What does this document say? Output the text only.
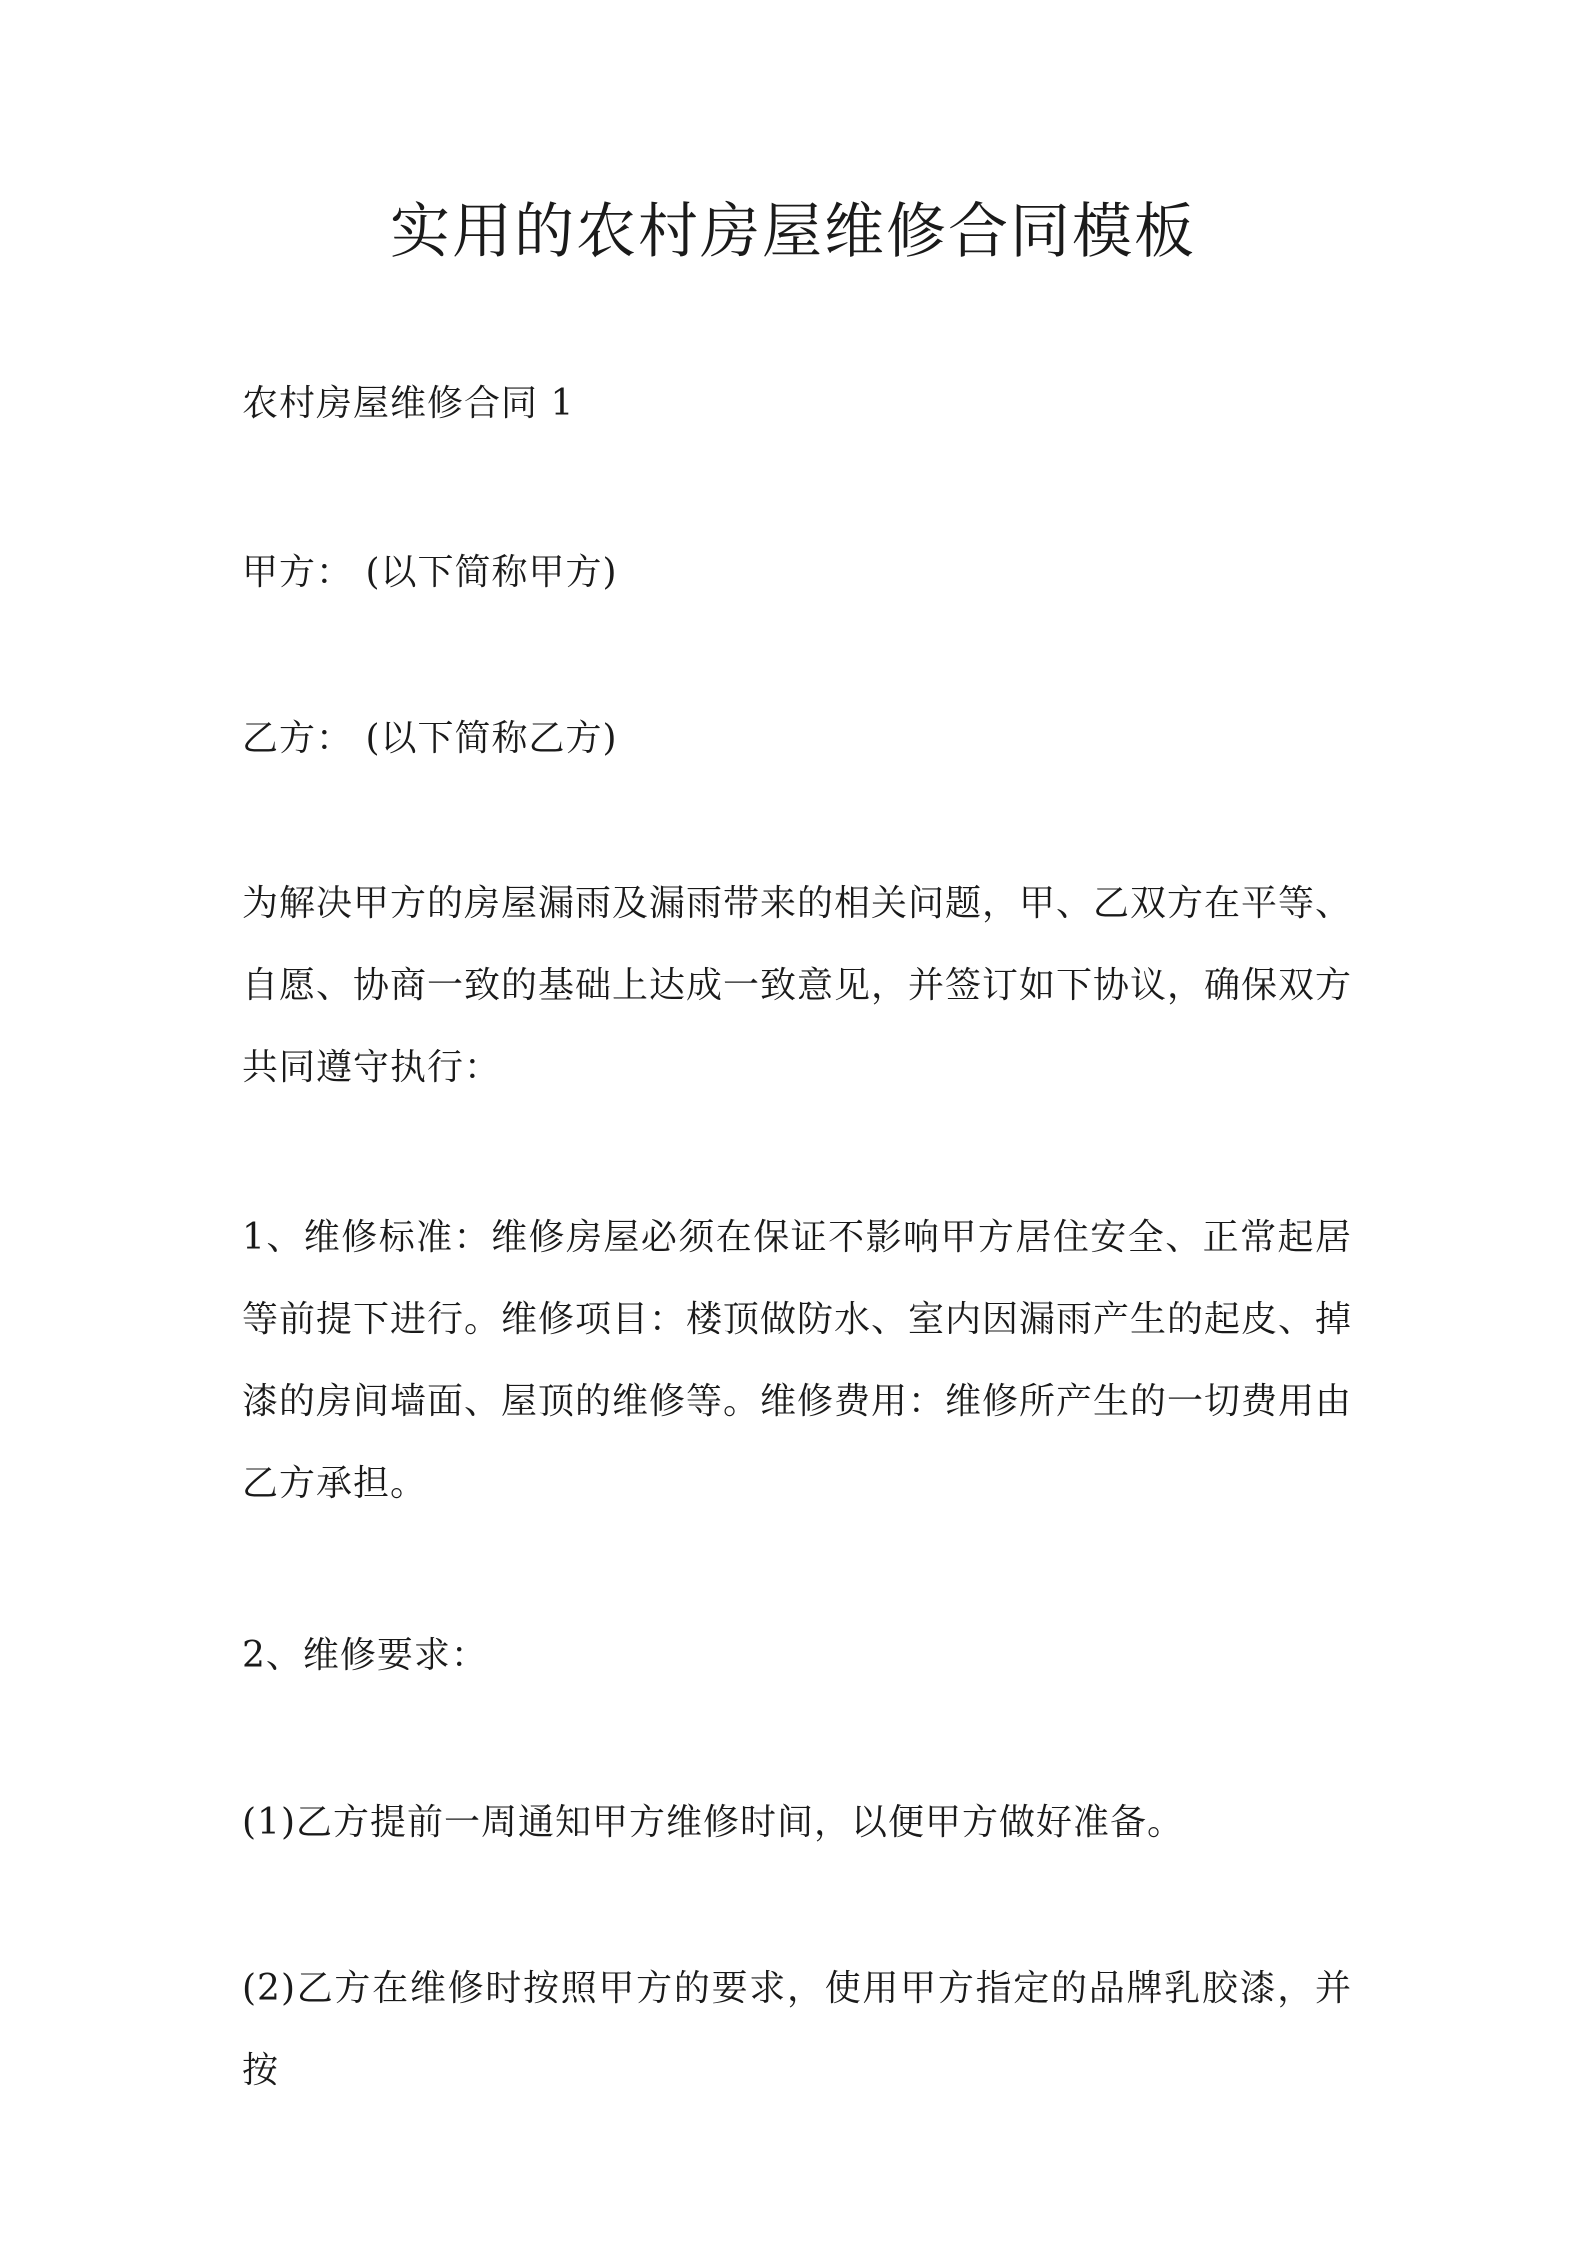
实用的农村房屋维修合同模板

农村房屋维修合同 1

甲方： (以下简称甲方)

乙方： (以下简称乙方)

为解决甲方的房屋漏雨及漏雨带来的相关问题，甲、乙双方在平等、自愿、协商一致的基础上达成一致意见，并签订如下协议，确保双方共同遵守执行：

1、维修标准：维修房屋必须在保证不影响甲方居住安全、正常起居等前提下进行。维修项目：楼顶做防水、室内因漏雨产生的起皮、掉漆的房间墙面、屋顶的维修等。维修费用：维修所产生的一切费用由乙方承担。

2、维修要求：

(1)乙方提前一周通知甲方维修时间，以便甲方做好准备。

(2)乙方在维修时按照甲方的要求，使用甲方指定的品牌乳胶漆，并按
